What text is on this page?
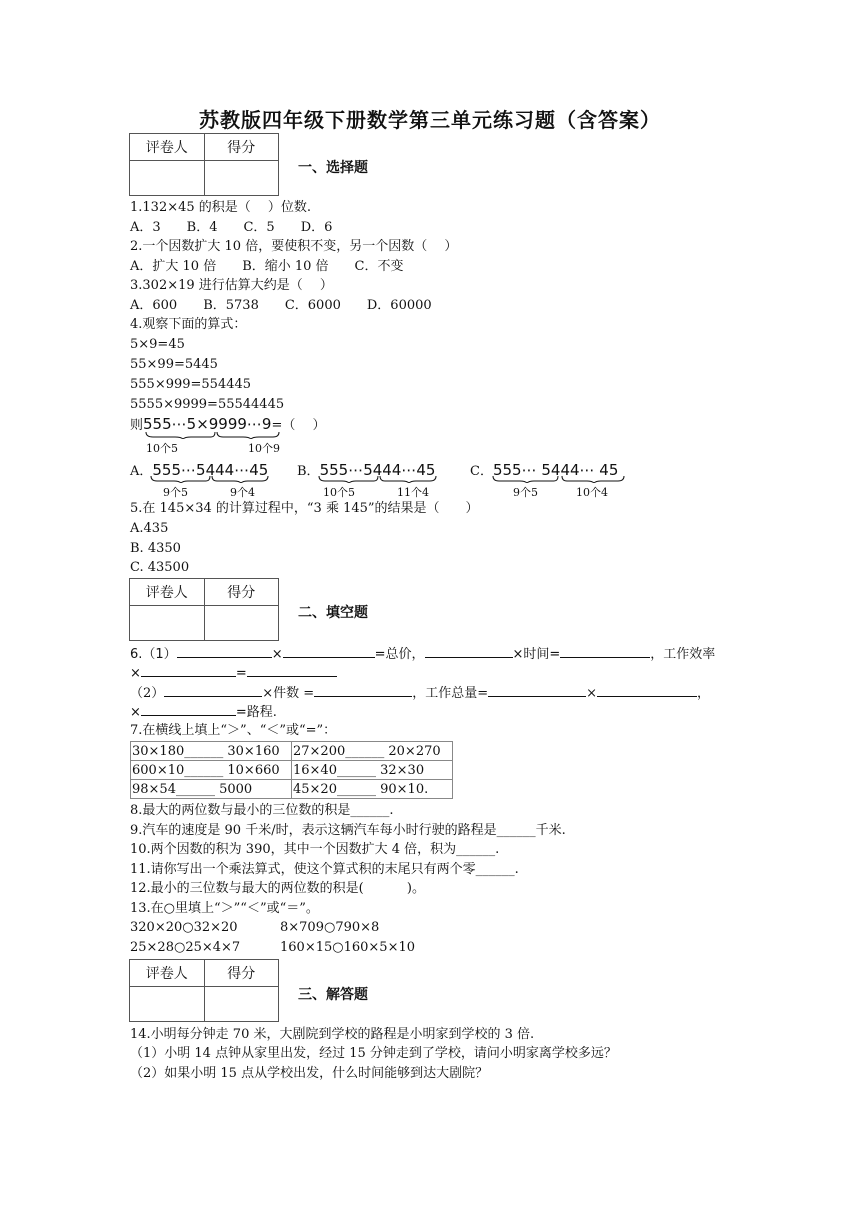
苏教版四年级下册数学第三单元练习题（含答案）
评卷人	得分

一、选择题
1.132×45 的积是（　 ）位数.
A．3　　B．4　　C．5　　D．6
2.一个因数扩大 10 倍，要使积不变，另一个因数（　 ）
A．扩大 10 倍　　B．缩小 10 倍　　C．不变
3.302×19 进行估算大约是（　 ）
A．600　　B．5738　　C．6000　　D．60000
4.观察下面的算式：
5×9=45
55×99=5445
555×999=554445
5555×9999=55544445
则555⋯5×9999⋯9=（　 ）
10个5	10个9
A．555⋯5444⋯45
9个5	9个4
B．555⋯5444⋯45
10个5	11个4
C．555⋯ 5444⋯ 45
9个5	10个4
5.在 145×34 的计算过程中，“3 乘 145”的结果是（　　）
A.435
B. 4350
C. 43500
评卷人	得分

二、填空题
6.（1）	×	=总价，	×时间=	，工作效率
×	=
（2）	×件数 =	，工作总量=	×	，
×	=路程.
7.在横线上填上“＞”、“＜”或“=”：
30×180______ 30×160	27×200______ 20×270
600×10______ 10×660	16×40______ 32×30
98×54______ 5000	45×20______ 90×10.
8.最大的两位数与最小的三位数的积是______.
9.汽车的速度是 90 千米/时，表示这辆汽车每小时行驶的路程是______千米.
10.两个因数的积为 390，其中一个因数扩大 4 倍，积为______.
11.请你写出一个乘法算式，使这个算式积的末尾只有两个零______.
12.最小的三位数与最大的两位数的积是(　　　 )。
13.在○里填上“＞”“＜”或“＝”。
320×20○32×20	8×709○790×8
25×28○25×4×7	160×15○160×5×10
评卷人	得分

三、解答题
14.小明每分钟走 70 米，大剧院到学校的路程是小明家到学校的 3 倍.
（1）小明 14 点钟从家里出发，经过 15 分钟走到了学校，请问小明家离学校多远？
（2）如果小明 15 点从学校出发，什么时间能够到达大剧院？
